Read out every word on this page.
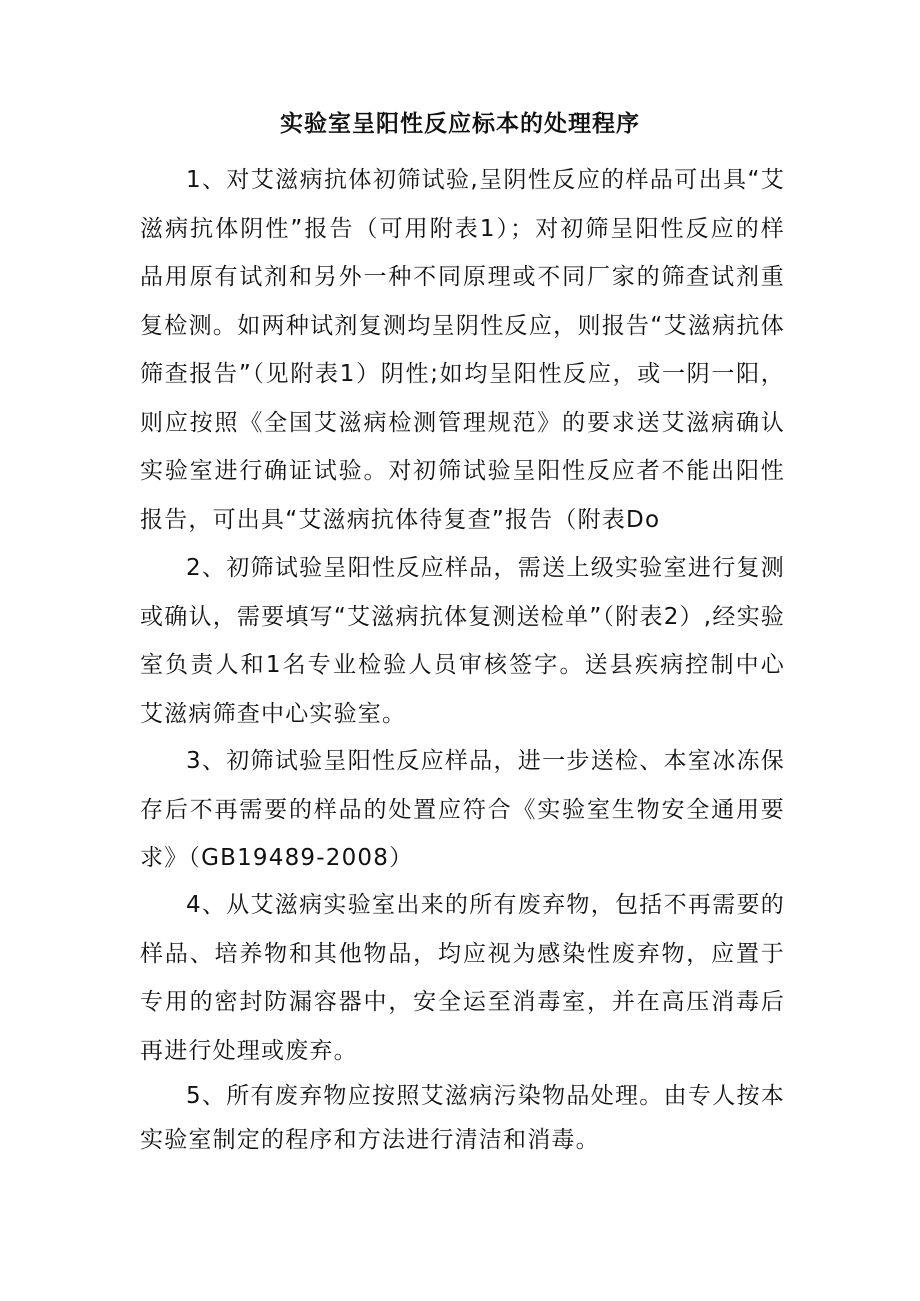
实验室呈阳性反应标本的处理程序
1、对艾滋病抗体初筛试验,呈阴性反应的样品可出具“艾滋病抗体阴性”报告（可用附表1）；对初筛呈阳性反应的样品用原有试剂和另外一种不同原理或不同厂家的筛查试剂重复检测。如两种试剂复测均呈阴性反应，则报告“艾滋病抗体筛查报告”（见附表1）阴性;如均呈阳性反应，或一阴一阳，则应按照《全国艾滋病检测管理规范》的要求送艾滋病确认实验室进行确证试验。对初筛试验呈阳性反应者不能出阳性报告，可出具“艾滋病抗体待复查”报告（附表Do
2、初筛试验呈阳性反应样品，需送上级实验室进行复测或确认，需要填写“艾滋病抗体复测送检单”（附表2）,经实验室负责人和1名专业检验人员审核签字。送县疾病控制中心艾滋病筛查中心实验室。
3、初筛试验呈阳性反应样品，进一步送检、本室冰冻保存后不再需要的样品的处置应符合《实验室生物安全通用要求》（GB19489-2008）
4、从艾滋病实验室出来的所有废弃物，包括不再需要的样品、培养物和其他物品，均应视为感染性废弃物，应置于专用的密封防漏容器中，安全运至消毒室，并在高压消毒后再进行处理或废弃。
5、所有废弃物应按照艾滋病污染物品处理。由专人按本实验室制定的程序和方法进行清洁和消毒。
